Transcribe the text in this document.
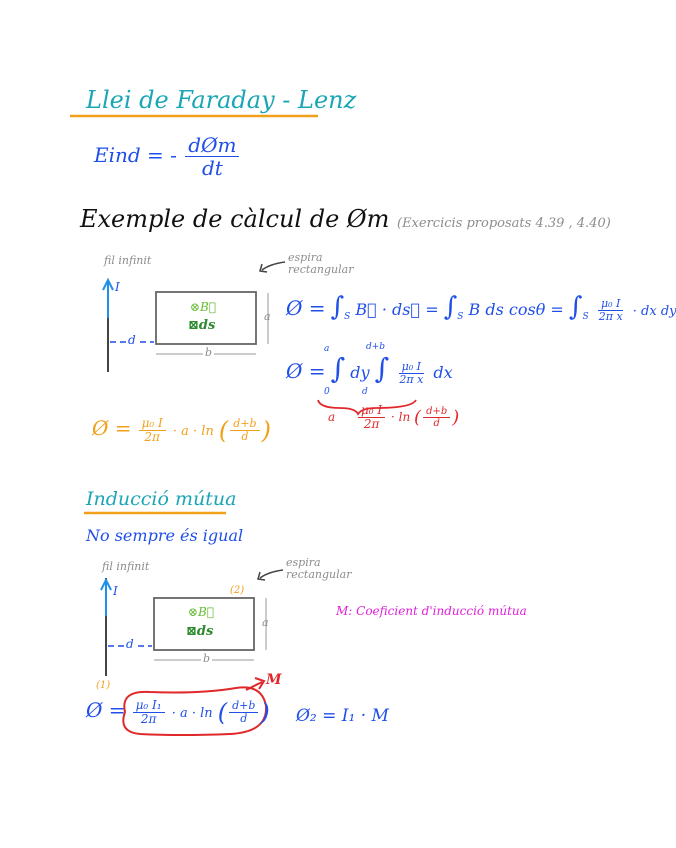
Llei de Faraday - Lenz
Eind = - $\frac{\text{dØm}}{dt}$
Exemple de càlcul de Øm (Exercicis proposats 4.39 , 4.40)
fil infinit
I
espira
rectangular
⊗B⃗
⊠ds
a
b
d
Ø = $\int_S$ B⃗ · ds⃗ = $\int_S$ B ds $\cos\theta = \int_S \frac{\text{μ₀ I}}{\text{2π x}}$ · dx dy
Ø = ∫ dy ∫ $\frac{\text{μ₀ I}}{\text{2π x}}$ dx
a
0
d+b
d
a $\frac{\text{μ₀ I}}{2\pi} \cdot \ln$ ( $\frac{d+b}{d}$ )
Ø = $\frac{\text{μ₀ I}}{2\pi} \cdot a \cdot \ln$ ( $\frac{d+b}{d}$ )
Inducció mútua
No sempre és igual
fil infinit
I
espira
rectangular
(2)
⊗B⃗
⊠ds
a
b
d
(1)
M: Coeficient d'inducció mútua
Ø = $\frac{\text{μ₀ I₁}}{2\pi} \cdot a \cdot \ln$ ( $\frac{d+b}{d}$ )
M
Ø₂ = I₁ · M
